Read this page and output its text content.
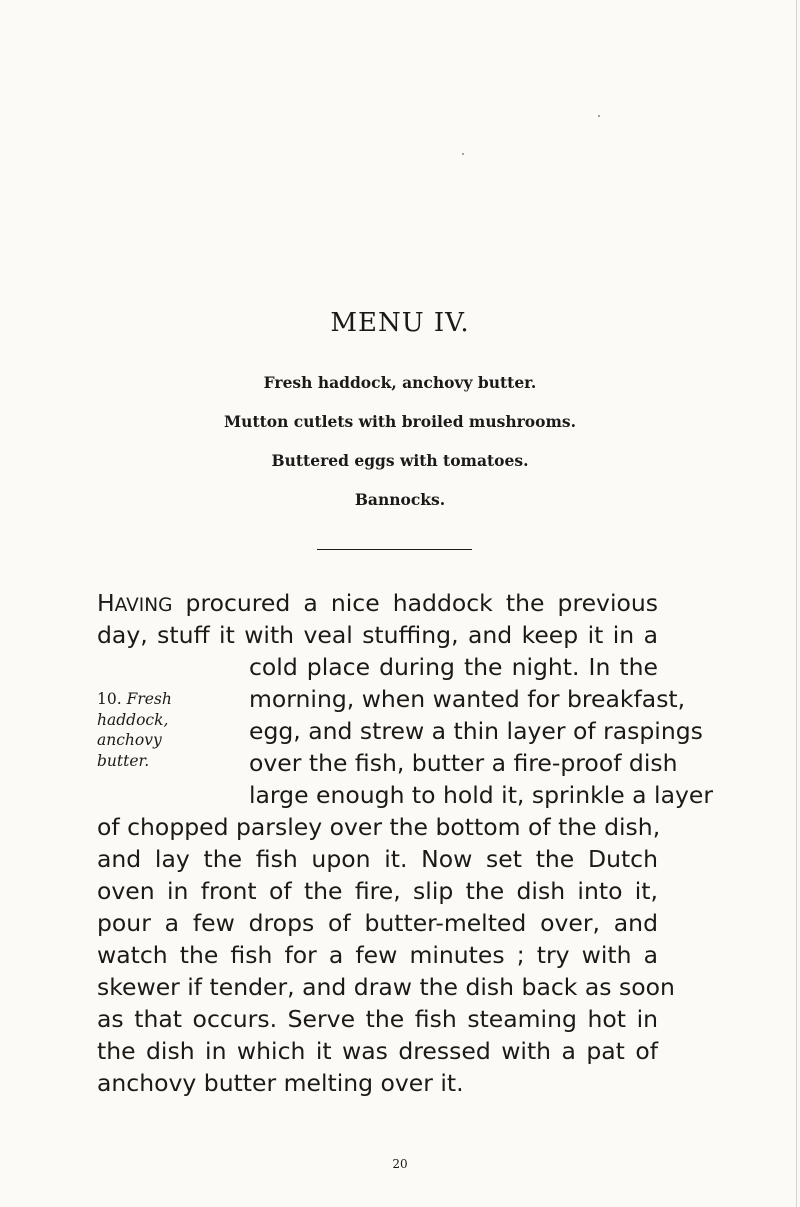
MENU IV.

Fresh haddock, anchovy butter.

Mutton cutlets with broiled mushrooms.

Buttered eggs with tomatoes.

Bannocks.

HAVING procured a nice haddock the previous

day, stuff it with veal stuffing, and keep it in a

cold place during the night. In the

morning, when wanted for breakfast,

egg, and strew a thin layer of raspings

over the fish, butter a fire-proof dish

large enough to hold it, sprinkle a layer

of chopped parsley over the bottom of the dish,

and lay the fish upon it. Now set the Dutch

oven in front of the fire, slip the dish into it,

pour a few drops of butter-melted over, and

watch the fish for a few minutes ; try with a

skewer if tender, and draw the dish back as soon

as that occurs. Serve the fish steaming hot in

the dish in which it was dressed with a pat of

anchovy butter melting over it.

10. Fresh
haddock,
anchovy
butter.

20
